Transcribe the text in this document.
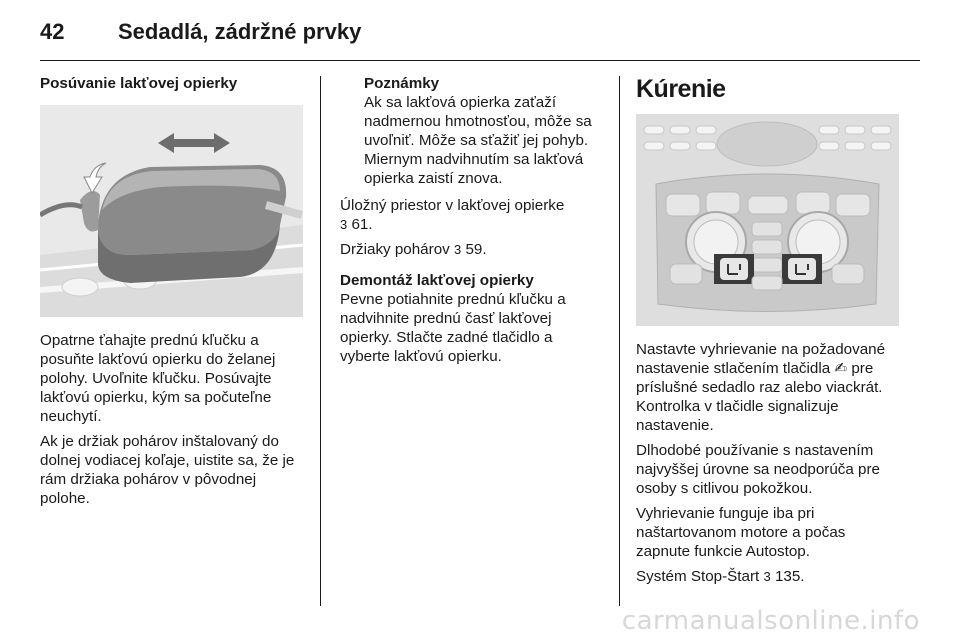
42 Sedadlá, zádržné prvky
Posúvanie lakťovej opierky

Opatrne ťahajte prednú kľučku a
posuňte lakťovú opierku do želanej
polohy. Uvoľnite kľučku. Posúvajte
lakťovú opierku, kým sa počuteľne
neuchytí.

Ak je držiak pohárov inštalovaný do
dolnej vodiacej koľaje, uistite sa, že je
rám držiaka pohárov v pôvodnej
polohe.

Poznámky
Ak sa lakťová opierka zaťaží
nadmernou hmotnosťou, môže sa
uvoľniť. Môže sa sťažiť jej pohyb.
Miernym nadvihnutím sa lakťová
opierka zaistí znova.

Úložný priestor v lakťovej opierke
3 61.

Držiaky pohárov 3 59.

Demontáž lakťovej opierky

Pevne potiahnite prednú kľučku a
nadvihnite prednú časť lakťovej
opierky. Stlačte zadné tlačidlo a
vyberte lakťovú opierku.

Kúrenie

Nastavte vyhrievanie na požadované
nastavenie stlačením tlačidla ✍ pre
príslušné sedadlo raz alebo viackrát.
Kontrolka v tlačidle signalizuje
nastavenie.

Dlhodobé používanie s nastavením
najvyššej úrovne sa neodporúča pre
osoby s citlivou pokožkou.

Vyhrievanie funguje iba pri
naštartovanom motore a počas
zapnute funkcie Autostop.

Systém Stop-Štart 3 135.

carmanualsonline.info
